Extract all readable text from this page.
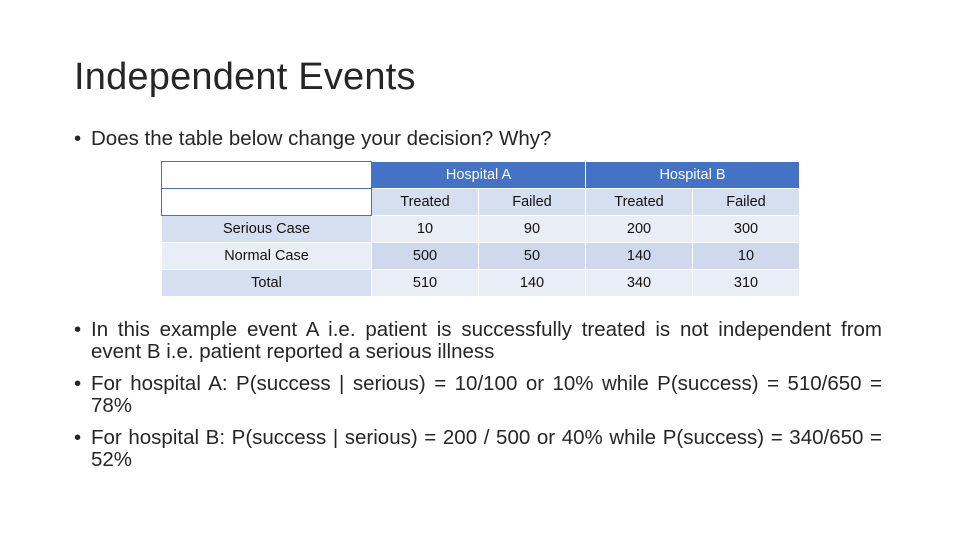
Independent Events
• Does the table below change your decision? Why?
	Hospital A		Hospital B	
	Treated	Failed	Treated	Failed
Serious Case	10	90	200	300
Normal Case	500	50	140	10
Total	510	140	340	310
• In this example event A i.e. patient is successfully treated is not independent from event B i.e. patient reported a serious illness
• For hospital A: P(success | serious) = 10/100 or 10% while P(success) = 510/650 = 78%
• For hospital B: P(success | serious) = 200 / 500 or 40% while P(success) = 340/650 = 52%
